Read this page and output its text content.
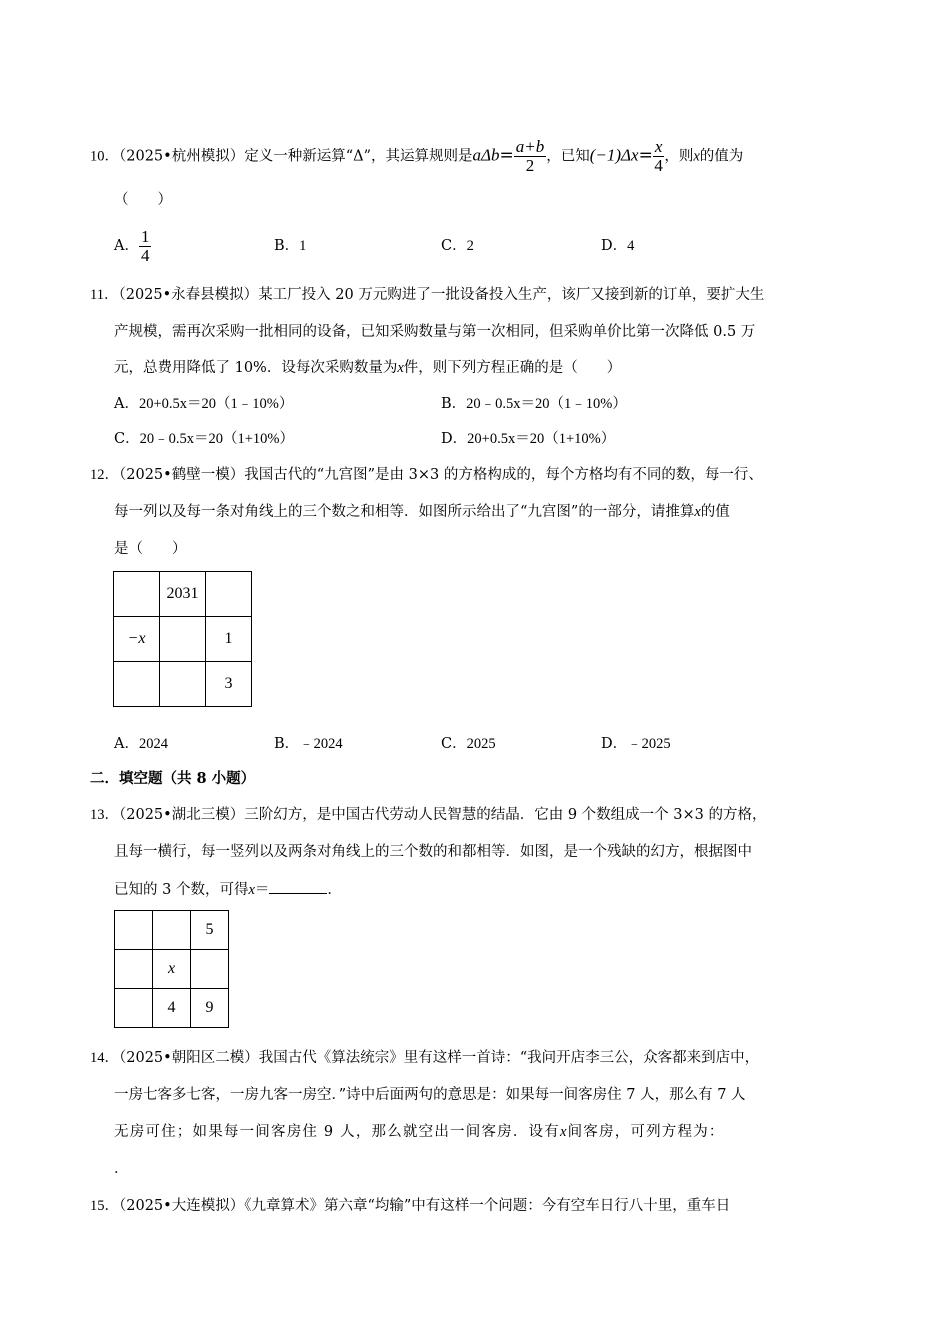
10．（2025•杭州模拟）定义一种新运算“Δ”，其运算规则是$a\Delta b= \frac{a+b}{2}$ ，已知$(-1)\Delta x= \frac{x}{4}$ ，则x的值为
（　　）
A． $\frac{1}{4}$	B．1	C．2	D．4
11．（2025•永春县模拟）某工厂投入 20 万元购进了一批设备投入生产，该厂又接到新的订单，要扩大生
产规模，需再次采购一批相同的设备，已知采购数量与第一次相同，但采购单价比第一次降低 0.5 万
元，总费用降低了 10%．设每次采购数量为x件，则下列方程正确的是（　　）
A．20+0.5x＝20（1﹣10%）	B．20﹣0.5x＝20（1﹣10%）
C．20﹣0.5x＝20（1+10%）	D．20+0.5x＝20（1+10%）
12．（2025•鹤壁一模）我国古代的“九宫图”是由 3×3 的方格构成的，每个方格均有不同的数，每一行、
每一列以及每一条对角线上的三个数之和相等．如图所示给出了“九宫图”的一部分，请推算x的值
是（　　）
	2031	
−x		1
		3
A．2024	B．﹣2024	C．2025	D．﹣2025
二．填空题（共 8 小题）
13．（2025•湖北三模）三阶幻方，是中国古代劳动人民智慧的结晶．它由 9 个数组成一个 3×3 的方格，
且每一横行，每一竖列以及两条对角线上的三个数的和都相等．如图，是一个残缺的幻方，根据图中
已知的 3 个数，可得x＝	．
		5
	x	
	4	9
14．（2025•朝阳区二模）我国古代《算法统宗》里有这样一首诗：“我问开店李三公，众客都来到店中，
一房七客多七客，一房九客一房空．”诗中后面两句的意思是：如果每一间客房住 7 人，那么有 7 人
无房可住；如果每一间客房住 9 人，那么就空出一间客房．设有x间客房，可列方程为：
．
15．（2025•大连模拟）《九章算术》第六章“均输”中有这样一个问题：今有空车日行八十里，重车日
